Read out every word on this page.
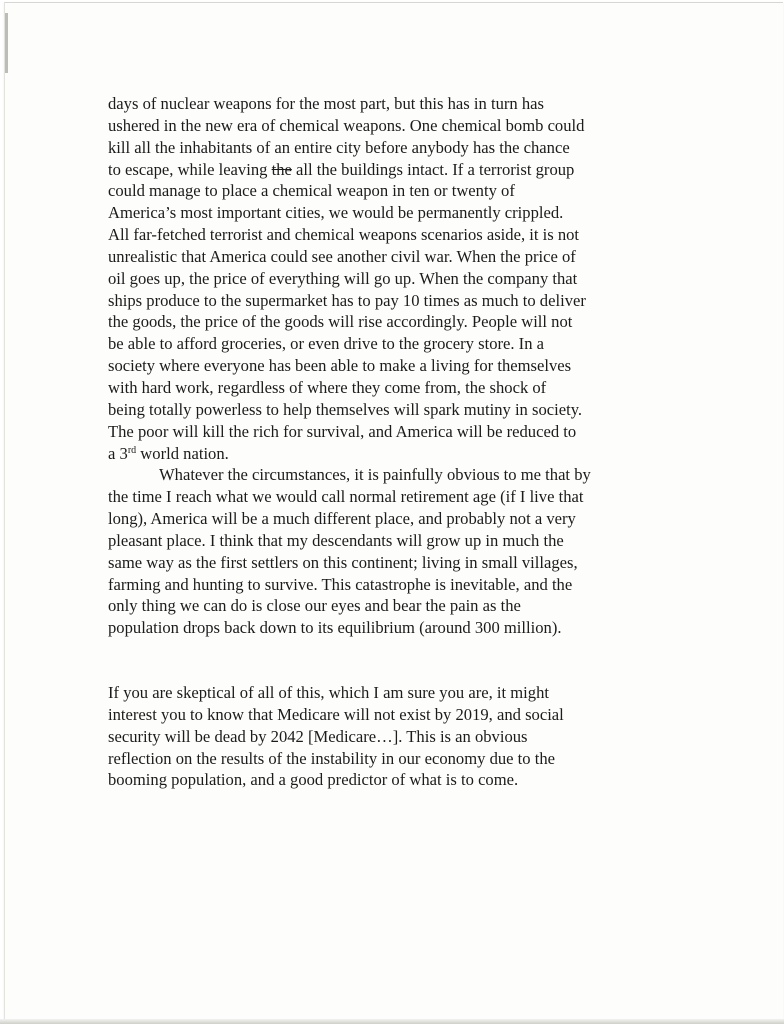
days of nuclear weapons for the most part, but this has in turn has
ushered in the new era of chemical weapons. One chemical bomb could
kill all the inhabitants of an entire city before anybody has the chance
to escape, while leaving the all the buildings intact. If a terrorist group
could manage to place a chemical weapon in ten or twenty of
America’s most important cities, we would be permanently crippled.
All far-fetched terrorist and chemical weapons scenarios aside, it is not
unrealistic that America could see another civil war. When the price of
oil goes up, the price of everything will go up. When the company that
ships produce to the supermarket has to pay 10 times as much to deliver
the goods, the price of the goods will rise accordingly. People will not
be able to afford groceries, or even drive to the grocery store. In a
society where everyone has been able to make a living for themselves
with hard work, regardless of where they come from, the shock of
being totally powerless to help themselves will spark mutiny in society.
The poor will kill the rich for survival, and America will be reduced to
a 3rd world nation.

Whatever the circumstances, it is painfully obvious to me that by
the time I reach what we would call normal retirement age (if I live that
long), America will be a much different place, and probably not a very
pleasant place. I think that my descendants will grow up in much the
same way as the first settlers on this continent; living in small villages,
farming and hunting to survive. This catastrophe is inevitable, and the
only thing we can do is close our eyes and bear the pain as the
population drops back down to its equilibrium (around 300 million).

If you are skeptical of all of this, which I am sure you are, it might
interest you to know that Medicare will not exist by 2019, and social
security will be dead by 2042 [Medicare…]. This is an obvious
reflection on the results of the instability in our economy due to the
booming population, and a good predictor of what is to come.
